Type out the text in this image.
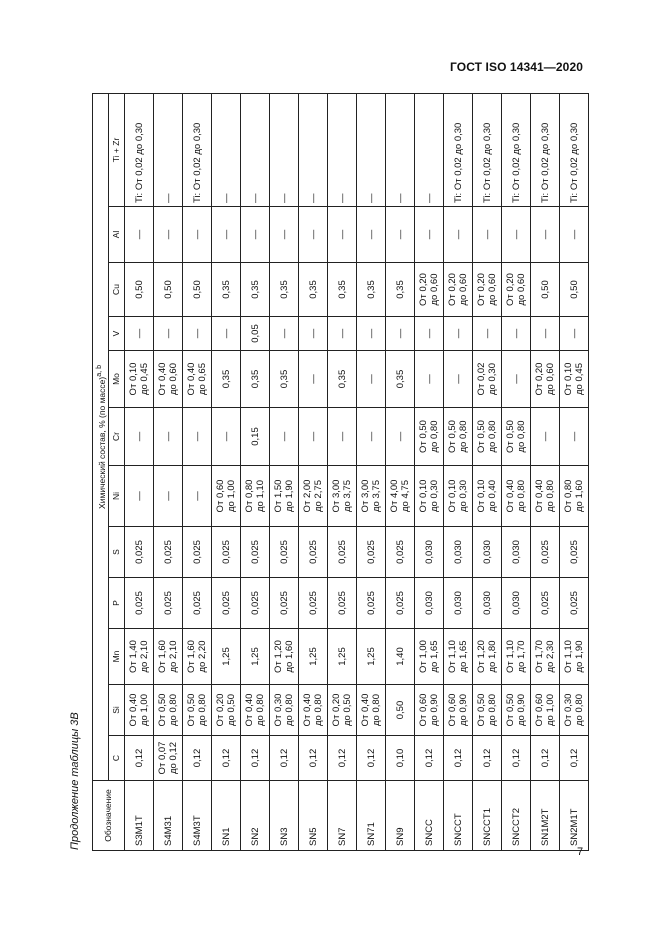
ГОСТ ISO 14341—2020
Продолжение таблицы 3В	Обозначение	Химический состав, % (по массе)$^{a, b}$
	C	Si	Mn	P	S	Ni	Cr	Mo	V	Cu	Al	Ti + Zr
S3M1T	0,12	От 0,40
до 1,00	От 1,40
до 2,10	0,025	0,025	—	—	От 0,10
до 0,45	—	0,50	—	Ti: От 0,02 до 0,30
S4M31	От 0,07
до 0,12	От 0,50
до 0,80	От 1,60
до 2,10	0,025	0,025	—	—	От 0,40
до 0,60	—	0,50	—	—
S4M3T	0,12	От 0,50
до 0,80	От 1,60
до 2,20	0,025	0,025	—	—	От 0,40
до 0,65	—	0,50	—	Ti: От 0,02 до 0,30
SN1	0,12	От 0,20
до 0,50	1,25	0,025	0,025	От 0,60
до 1,00	—	0,35	—	0,35	—	—
SN2	0,12	От 0,40
до 0,80	1,25	0,025	0,025	От 0,80
до 1,10	0,15	0,35	0,05	0,35	—	—
SN3	0,12	От 0,30
до 0,80	От 1,20
до 1,60	0,025	0,025	От 1,50
до 1,90	—	0,35	—	0,35	—	—
SN5	0,12	От 0,40
до 0,80	1,25	0,025	0,025	От 2,00
до 2,75	—	—	—	0,35	—	—
SN7	0,12	От 0,20
до 0,50	1,25	0,025	0,025	От 3,00
до 3,75	—	0,35	—	0,35	—	—
SN71	0,12	От 0,40
до 0,80	1,25	0,025	0,025	От 3,00
до 3,75	—	—	—	0,35	—	—
SN9	0,10	0,50	1,40	0,025	0,025	От 4,00
до 4,75	—	0,35	—	0,35	—	—
SNCC	0,12	От 0,60
до 0,90	От 1,00
до 1,65	0,030	0,030	От 0,10
до 0,30	От 0,50
до 0,80	—	—	От 0,20
до 0,60	—	—
SNCCT	0,12	От 0,60
до 0,90	От 1,10
до 1,65	0,030	0,030	От 0,10
до 0,30	От 0,50
до 0,80	—	—	От 0,20
до 0,60	—	Ti: От 0,02 до 0,30
SNCCT1	0,12	От 0,50
до 0,80	От 1,20
до 1,80	0,030	0,030	От 0,10
до 0,40	От 0,50
до 0,80	От 0,02
до 0,30	—	От 0,20
до 0,60	—	Ti: От 0,02 до 0,30
SNCCT2	0,12	От 0,50
до 0,90	От 1,10
до 1,70	0,030	0,030	От 0,40
до 0,80	От 0,50
до 0,80	—	—	От 0,20
до 0,60	—	Ti: От 0,02 до 0,30
SN1M2T	0,12	От 0,60
до 1,00	От 1,70
до 2,30	0,025	0,025	От 0,40
до 0,80	—	От 0,20
до 0,60	—	0,50	—	Ti: От 0,02 до 0,30
SN2M1T	0,12	От 0,30
до 0,80	От 1,10
до 1,90	0,025	0,025	От 0,80
до 1,60	—	От 0,10
до 0,45	—	0,50	—	Ti: От 0,02 до 0,30
7
